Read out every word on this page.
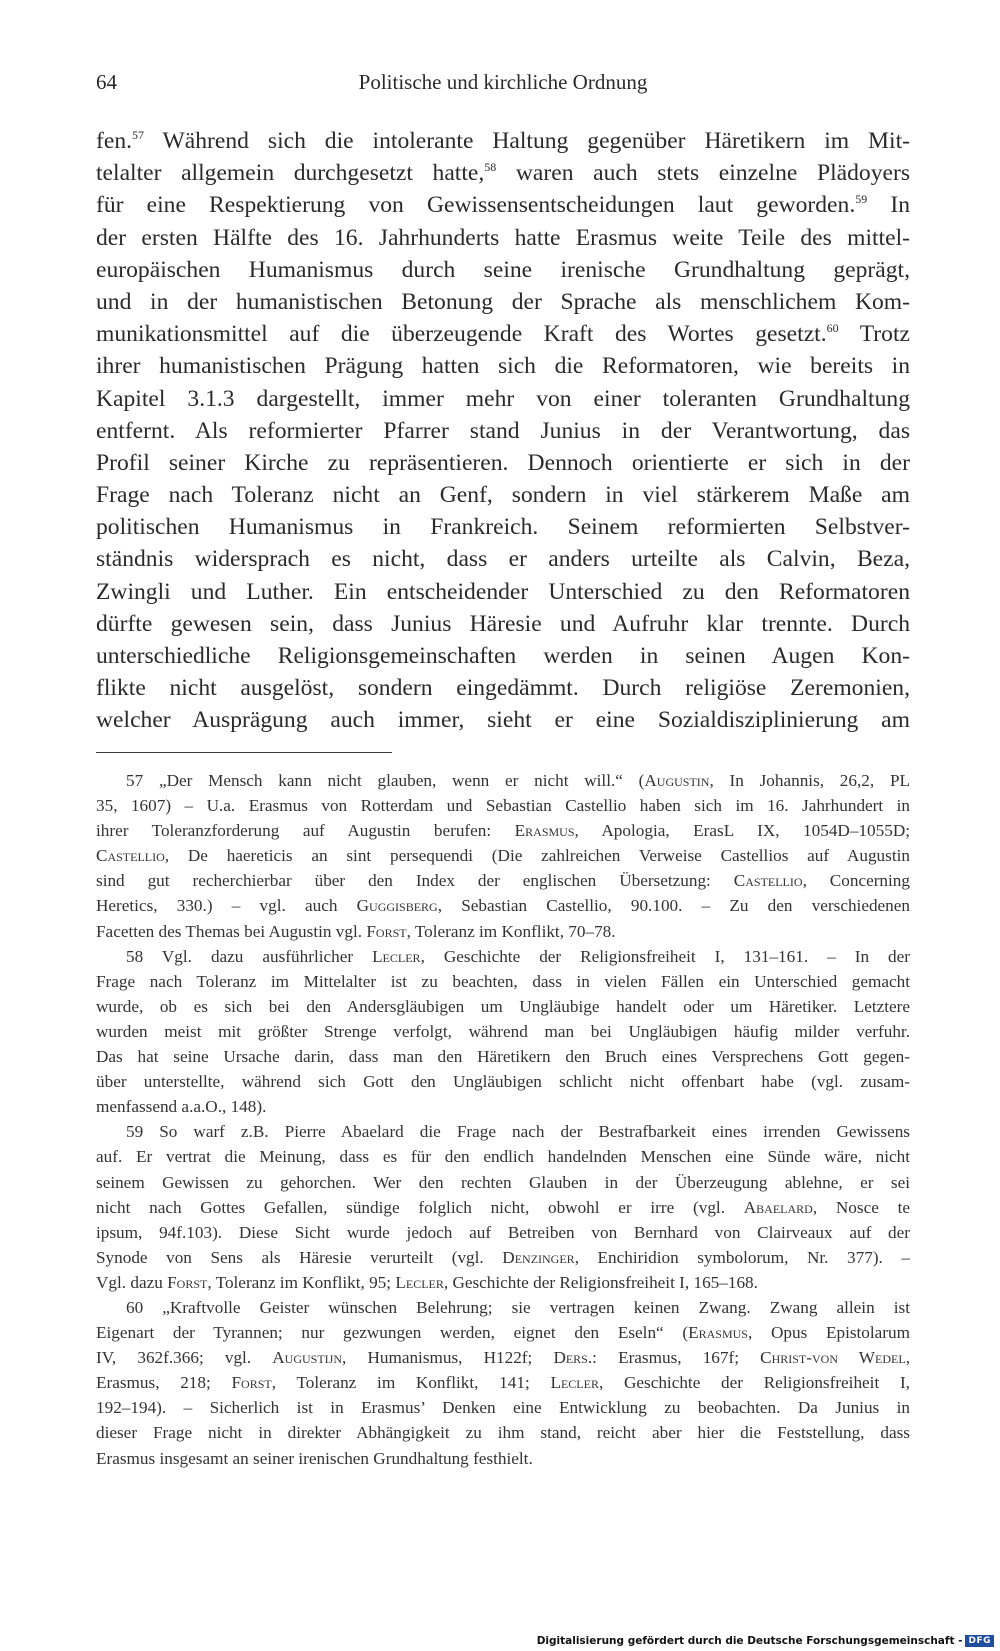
64	Politische und kirchliche Ordnung
fen.$^{57}$ Während sich die intolerante Haltung gegenüber Häretikern im Mit-
telalter allgemein durchgesetzt hatte,$^{58}$ waren auch stets einzelne Plädoyers
für eine Respektierung von Gewissensentscheidungen laut geworden.$^{59}$ In
der ersten Hälfte des 16. Jahrhunderts hatte Erasmus weite Teile des mittel-
europäischen Humanismus durch seine irenische Grundhaltung geprägt,
und in der humanistischen Betonung der Sprache als menschlichem Kom-
munikationsmittel auf die überzeugende Kraft des Wortes gesetzt.$^{60}$ Trotz
ihrer humanistischen Prägung hatten sich die Reformatoren, wie bereits in
Kapitel 3.1.3 dargestellt, immer mehr von einer toleranten Grundhaltung
entfernt. Als reformierter Pfarrer stand Junius in der Verantwortung, das
Profil seiner Kirche zu repräsentieren. Dennoch orientierte er sich in der
Frage nach Toleranz nicht an Genf, sondern in viel stärkerem Maße am
politischen Humanismus in Frankreich. Seinem reformierten Selbstver-
ständnis widersprach es nicht, dass er anders urteilte als Calvin, Beza,
Zwingli und Luther. Ein entscheidender Unterschied zu den Reformatoren
dürfte gewesen sein, dass Junius Häresie und Aufruhr klar trennte. Durch
unterschiedliche Religionsgemeinschaften werden in seinen Augen Kon-
flikte nicht ausgelöst, sondern eingedämmt. Durch religiöse Zeremonien,
welcher Ausprägung auch immer, sieht er eine Sozialdisziplinierung am
57 „Der Mensch kann nicht glauben, wenn er nicht will.“ (Augustin, In Johannis, 26,2, PL
35, 1607) – U.a. Erasmus von Rotterdam und Sebastian Castellio haben sich im 16. Jahrhundert in
ihrer Toleranzforderung auf Augustin berufen: Erasmus, Apologia, ErasL IX, 1054D–1055D;
Castellio, De haereticis an sint persequendi (Die zahlreichen Verweise Castellios auf Augustin
sind gut recherchierbar über den Index der englischen Übersetzung: Castellio, Concerning
Heretics, 330.) – vgl. auch Guggisberg, Sebastian Castellio, 90.100. – Zu den verschiedenen
Facetten des Themas bei Augustin vgl. Forst, Toleranz im Konflikt, 70–78.
58 Vgl. dazu ausführlicher Lecler, Geschichte der Religionsfreiheit I, 131–161. – In der
Frage nach Toleranz im Mittelalter ist zu beachten, dass in vielen Fällen ein Unterschied gemacht
wurde, ob es sich bei den Andersgläubigen um Ungläubige handelt oder um Häretiker. Letztere
wurden meist mit größter Strenge verfolgt, während man bei Ungläubigen häufig milder verfuhr.
Das hat seine Ursache darin, dass man den Häretikern den Bruch eines Versprechens Gott gegen-
über unterstellte, während sich Gott den Ungläubigen schlicht nicht offenbart habe (vgl. zusam-
menfassend a.a.O., 148).
59 So warf z.B. Pierre Abaelard die Frage nach der Bestrafbarkeit eines irrenden Gewissens
auf. Er vertrat die Meinung, dass es für den endlich handelnden Menschen eine Sünde wäre, nicht
seinem Gewissen zu gehorchen. Wer den rechten Glauben in der Überzeugung ablehne, er sei
nicht nach Gottes Gefallen, sündige folglich nicht, obwohl er irre (vgl. Abaelard, Nosce te
ipsum, 94f.103). Diese Sicht wurde jedoch auf Betreiben von Bernhard von Clairveaux auf der
Synode von Sens als Häresie verurteilt (vgl. Denzinger, Enchiridion symbolorum, Nr. 377). –
Vgl. dazu Forst, Toleranz im Konflikt, 95; Lecler, Geschichte der Religionsfreiheit I, 165–168.
60 „Kraftvolle Geister wünschen Belehrung; sie vertragen keinen Zwang. Zwang allein ist
Eigenart der Tyrannen; nur gezwungen werden, eignet den Eseln“ (Erasmus, Opus Epistolarum
IV, 362f.366; vgl. Augustijn, Humanismus, H122f; Ders.: Erasmus, 167f; Christ-von Wedel,
Erasmus, 218; Forst, Toleranz im Konflikt, 141; Lecler, Geschichte der Religionsfreiheit I,
192–194). – Sicherlich ist in Erasmus’ Denken eine Entwicklung zu beobachten. Da Junius in
dieser Frage nicht in direkter Abhängigkeit zu ihm stand, reicht aber hier die Feststellung, dass
Erasmus insgesamt an seiner irenischen Grundhaltung festhielt.
Digitalisierung gefördert durch die Deutsche Forschungsgemeinschaft - DFG
